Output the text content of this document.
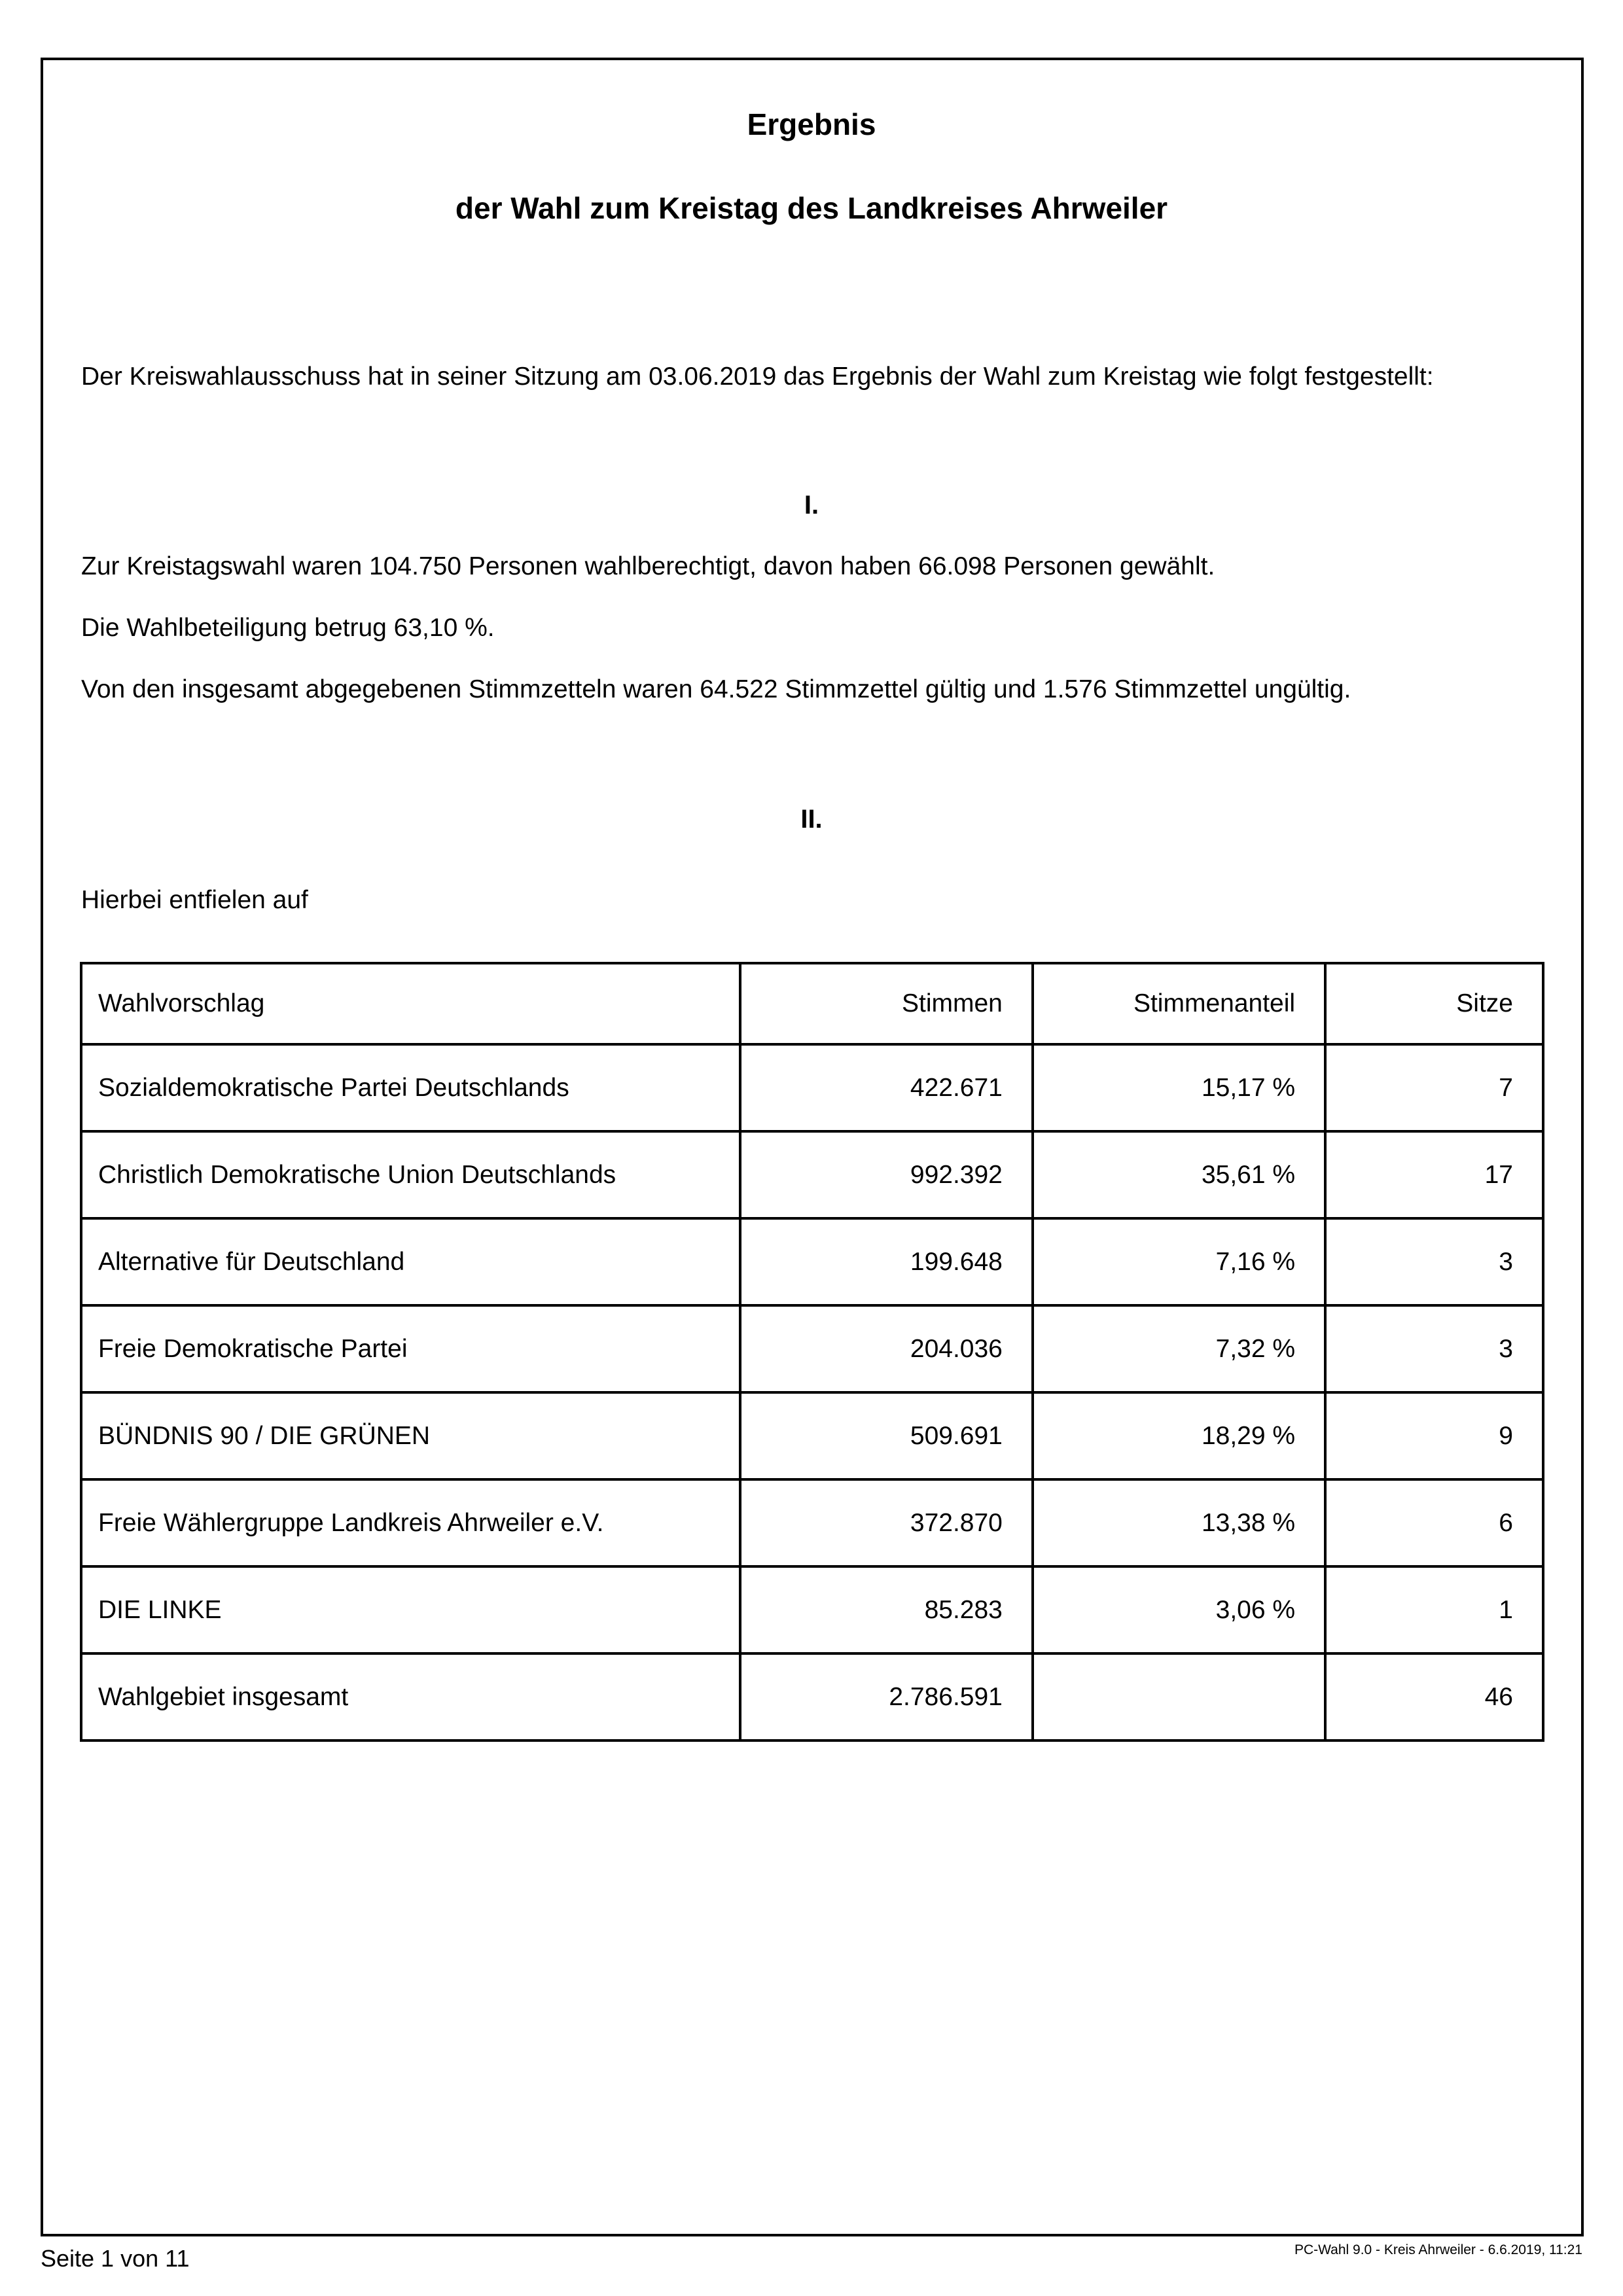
Ergebnis
der Wahl zum Kreistag des Landkreises Ahrweiler
Der Kreiswahlausschuss hat in seiner Sitzung am 03.06.2019 das Ergebnis der Wahl zum Kreistag wie folgt festgestellt:
I.
Zur Kreistagswahl waren 104.750 Personen wahlberechtigt, davon haben 66.098 Personen gewählt.
Die Wahlbeteiligung betrug 63,10 %.
Von den insgesamt abgegebenen Stimmzetteln waren 64.522 Stimmzettel gültig und 1.576 Stimmzettel ungültig.
II.
Hierbei entfielen auf
Wahlvorschlag	Stimmen	Stimmenanteil	Sitze
Sozialdemokratische Partei Deutschlands	422.671	15,17 %	7
Christlich Demokratische Union Deutschlands	992.392	35,61 %	17
Alternative für Deutschland	199.648	7,16 %	3
Freie Demokratische Partei	204.036	7,32 %	3
BÜNDNIS 90 / DIE GRÜNEN	509.691	18,29 %	9
Freie Wählergruppe Landkreis Ahrweiler e.V.	372.870	13,38 %	6
DIE LINKE	85.283	3,06 %	1
Wahlgebiet insgesamt	2.786.591		46
Seite 1 von 11	PC-Wahl 9.0 - Kreis Ahrweiler - 6.6.2019, 11:21
